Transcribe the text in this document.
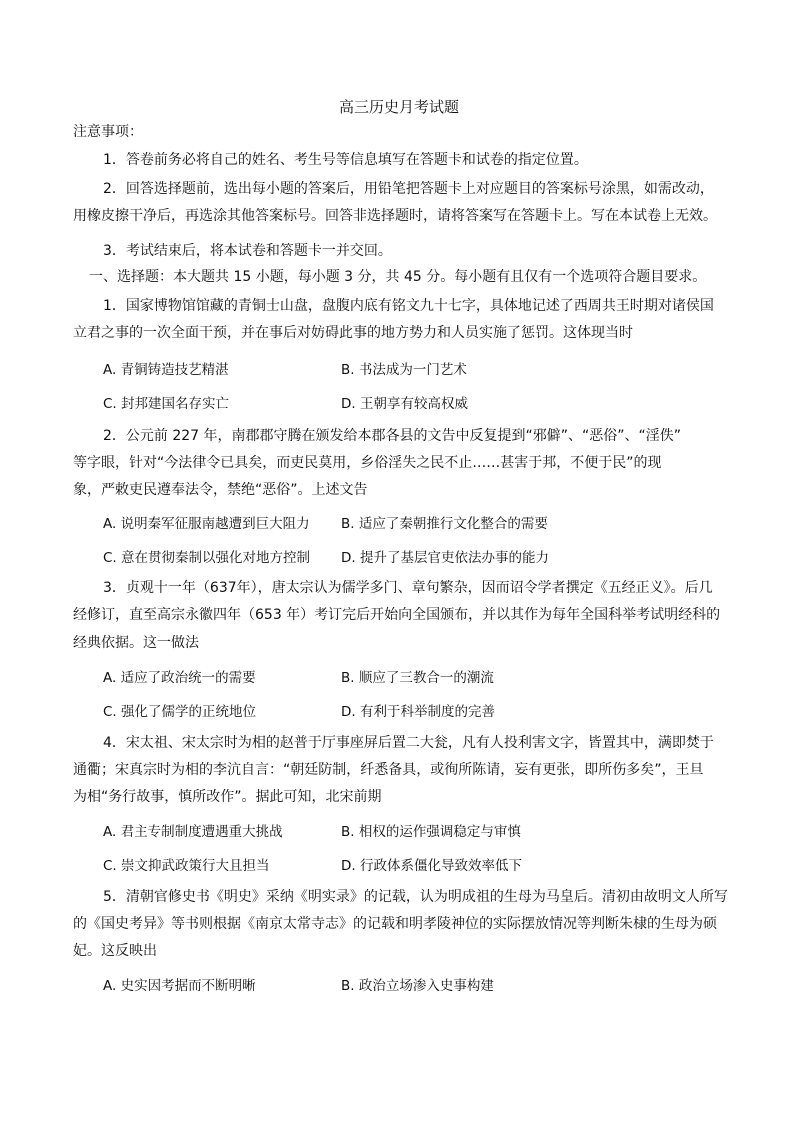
高三历史月考试题
注意事项：
1．答卷前务必将自己的姓名、考生号等信息填写在答题卡和试卷的指定位置。
2．回答选择题前，选出每小题的答案后，用铅笔把答题卡上对应题目的答案标号涂黑，如需改动，
用橡皮擦干净后，再选涂其他答案标号。回答非选择题时，请将答案写在答题卡上。写在本试卷上无效。
3．考试结束后，将本试卷和答题卡一并交回。
一、选择题：本大题共 15 小题，每小题 3 分，共 45 分。每小题有且仅有一个选项符合题目要求。
1．国家博物馆馆藏的青铜士山盘，盘腹内底有铭文九十七字，具体地记述了西周共王时期对诸侯国
立君之事的一次全面干预，并在事后对妨碍此事的地方势力和人员实施了惩罚。这体现当时
A. 青铜铸造技艺精湛	B. 书法成为一门艺术
C. 封邦建国名存实亡	D. 王朝享有较高权威
2．公元前 227 年，南郡郡守腾在颁发给本郡各县的文告中反复提到“邪僻”、“恶俗”、“淫佚”
等字眼，针对“今法律令已具矣，而吏民莫用，乡俗淫失之民不止……甚害于邦，不便于民”的现
象，严敕吏民遵奉法令，禁绝“恶俗”。上述文告
A. 说明秦军征服南越遭到巨大阻力 B. 适应了秦朝推行文化整合的需要
C. 意在贯彻秦制以强化对地方控制 D. 提升了基层官吏依法办事的能力
3．贞观十一年（637年），唐太宗认为儒学多门、章句繁杂，因而诏令学者撰定《五经正义》。后几
经修订，直至高宗永徽四年（653 年）考订完后开始向全国颁布，并以其作为每年全国科举考试明经科的
经典依据。这一做法
A. 适应了政治统一的需要	B. 顺应了三教合一的潮流
C. 强化了儒学的正统地位	D. 有利于科举制度的完善
4．宋太祖、宋太宗时为相的赵普于厅事座屏后置二大瓮，凡有人投利害文字，皆置其中，满即焚于
通衢；宋真宗时为相的李沆自言：“朝廷防制，纤悉备具，或徇所陈请，妄有更张，即所伤多矣”，王旦
为相“务行故事，慎所改作”。据此可知，北宋前期
A. 君主专制制度遭遇重大挑战	B. 相权的运作强调稳定与审慎
C. 崇文抑武政策行大且担当	D. 行政体系僵化导致效率低下
5．清朝官修史书《明史》采纳《明实录》的记载，认为明成祖的生母为马皇后。清初由故明文人所写
的《国史考异》等书则根据《南京太常寺志》的记载和明孝陵神位的实际摆放情况等判断朱棣的生母为硕
妃。这反映出
A. 史实因考据而不断明晰	B. 政治立场渗入史事构建
